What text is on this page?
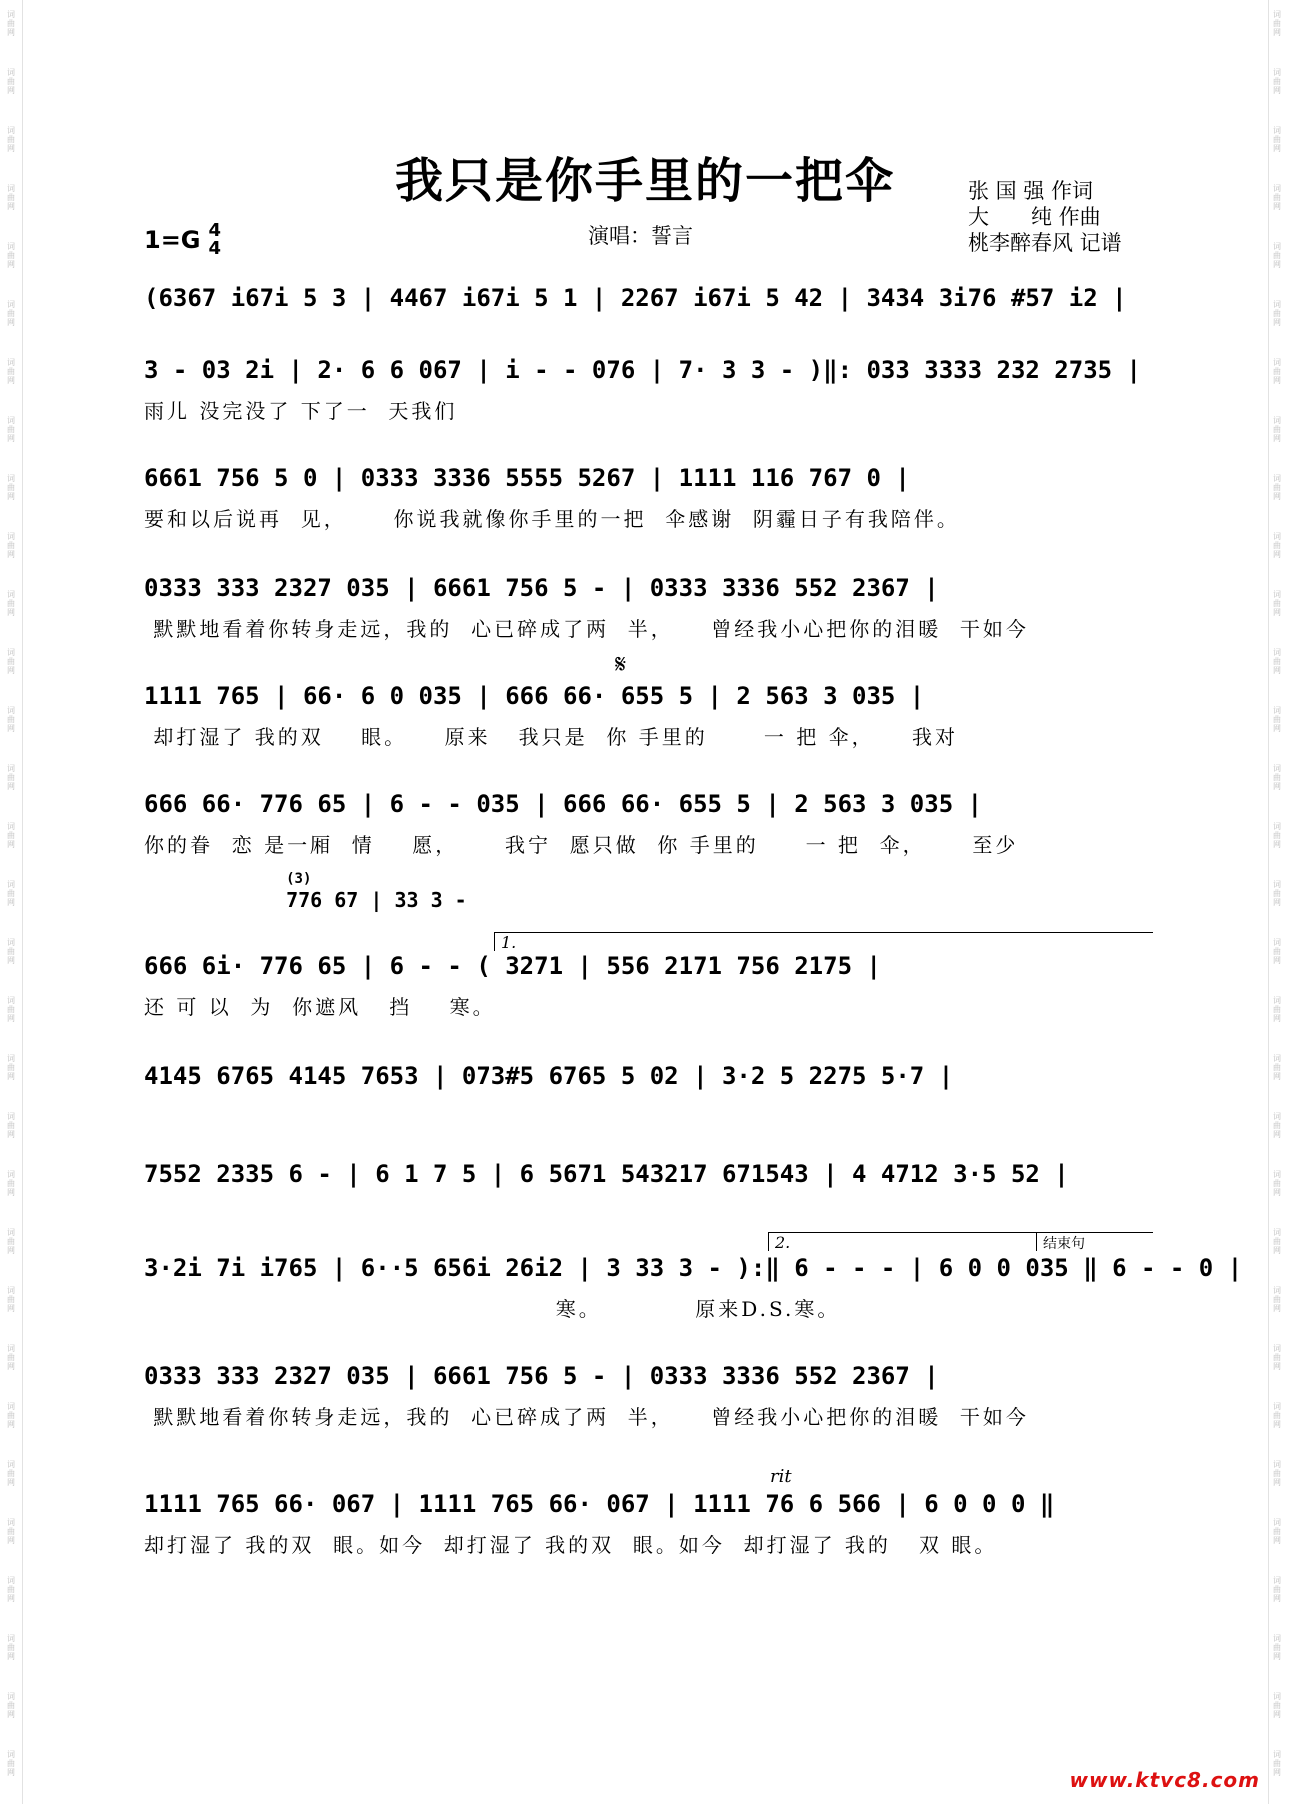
词曲网
词曲网
词曲网
词曲网
词曲网
词曲网
词曲网
词曲网
词曲网
词曲网
词曲网
词曲网
词曲网
词曲网
词曲网
词曲网
词曲网
词曲网
词曲网
词曲网
词曲网
词曲网
词曲网
词曲网
词曲网
词曲网
词曲网
词曲网
词曲网
词曲网
词曲网
词曲网
词曲网
词曲网
词曲网
词曲网
词曲网
词曲网
词曲网
词曲网
词曲网
词曲网
词曲网
词曲网
词曲网
词曲网
词曲网
词曲网
词曲网
词曲网
词曲网
词曲网
词曲网
词曲网
词曲网
词曲网
词曲网
词曲网
词曲网
词曲网
词曲网
词曲网
我只是你手里的一把伞	张 国 强 作词
大　　纯 作曲
桃李醉春风 记谱
1=G 4
4
演唱：誓言
(6367 i67i 5 3 | 4467 i67i 5 1 | 2267 i67i 5 42 | 3434 3i76 #57 i2 |
3 - 03 2i | 2· 6 6 067 | i - - 076 | 7· 3 3 - )‖: 033 3333 232 2735 |
雨儿 没完没了 下了一  天我们
6661 756 5 0 | 0333 3336 5555 5267 | 1111 116 767 0 |
要和以后说再  见，     你说我就像你手里的一把  伞感谢  阴霾日子有我陪伴。
0333 333 2327 035 | 6661 756 5 - | 0333 3336 552 2367 |
默默地看着你转身走远，我的  心已碎成了两  半，    曾经我小心把你的泪暖  干如今
1111 765 | 66· 6 0 035 | 666 66· 655 5 | 2 563 3 035 |
却打湿了 我的双    眼。    原来   我只是  你 手里的      一 把 伞，    我对
666 66· 776 65 | 6 - - 035 | 666 66· 655 5 | 2 563 3 035 |
你的眷  恋 是一厢  情    愿，     我宁  愿只做  你 手里的     一 把  伞，     至少
666 6i· 776 65 | 6 - - ( 3271 | 556 2171 756 2175 |
还 可 以  为  你遮风   挡    寒。
4145 6765 4145 7653 | 073#5 6765 5 02 | 3·2 5 2275 5·7 |
7552 2335 6 - | 6 1 7 5 | 6 5671 543217 671543 | 4 4712 3·5 52 |
3·2i 7i i765 | 6··5 656i 26i2 | 3 33 3 - ):‖ 6 - - - | 6 0 0 035 ‖ 6 - - 0 |
寒。          原来D.S.寒。
0333 333 2327 035 | 6661 756 5 - | 0333 3336 552 2367 |
默默地看着你转身走远，我的  心已碎成了两  半，    曾经我小心把你的泪暖  干如今
1111 765 66· 067 | 1111 765 66· 067 | 1111 76 6 566 | 6 0 0 0 ‖
却打湿了 我的双  眼。如今  却打湿了 我的双  眼。如今  却打湿了 我的   双 眼。
𝄋

(3)
776 67 | 33 3 -

1.
2.	结束句
rit
www.ktvc8.com
